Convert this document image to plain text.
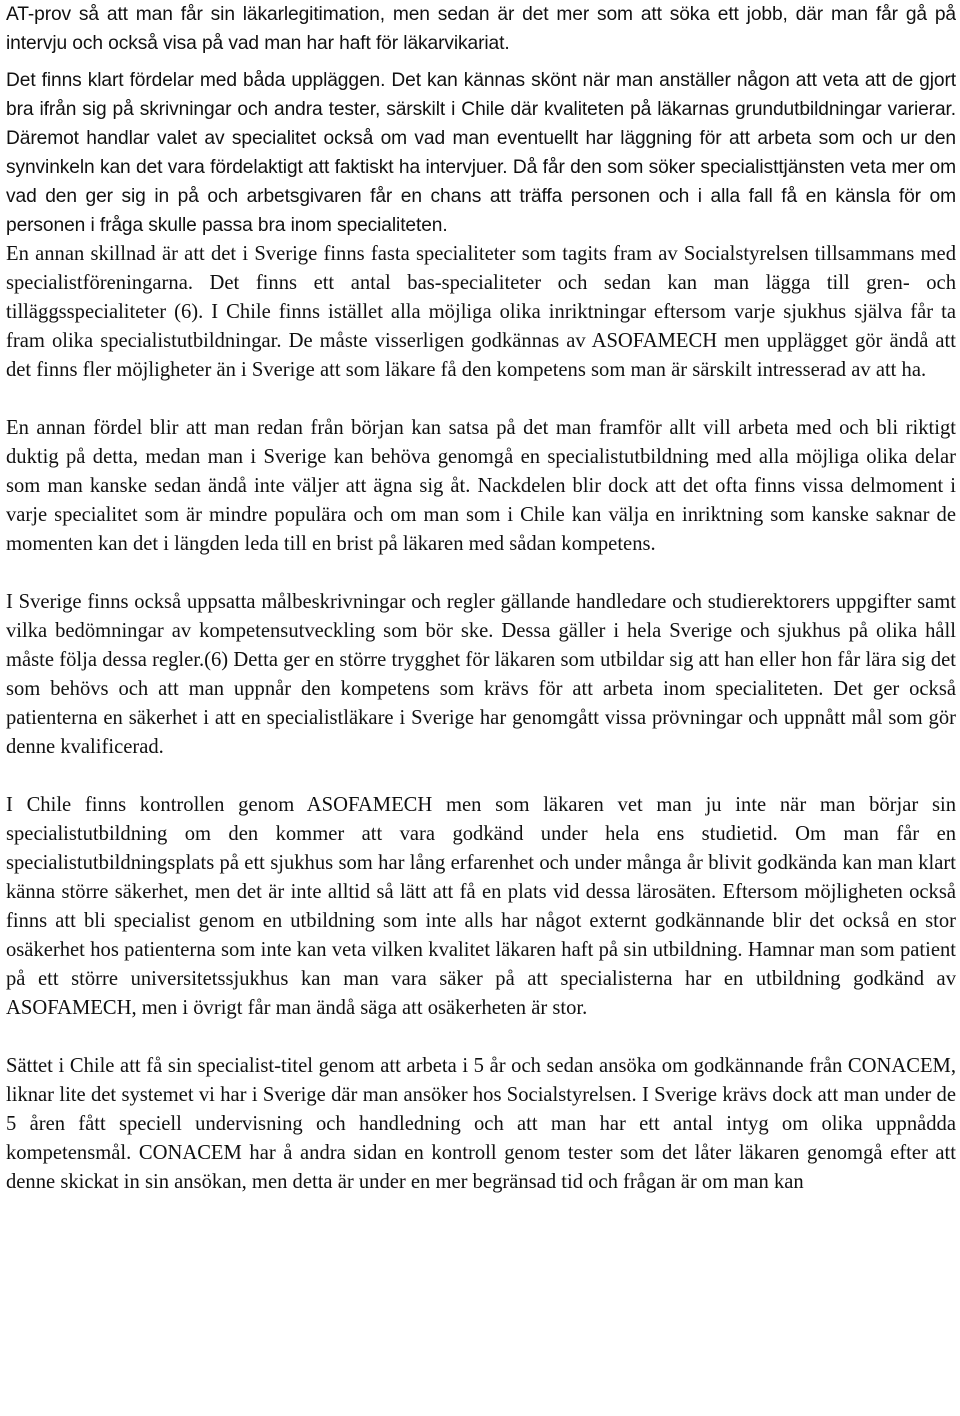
AT-prov så att man får sin läkarlegitimation, men sedan är det mer som att söka ett jobb, där man får gå på intervju och också visa på vad man har haft för läkarvikariat.

Det finns klart fördelar med båda uppläggen. Det kan kännas skönt när man anställer någon att veta att de gjort bra ifrån sig på skrivningar och andra tester, särskilt i Chile där kvaliteten på läkarnas grundutbildningar varierar. Däremot handlar valet av specialitet också om vad man eventuellt har läggning för att arbeta som och ur den synvinkeln kan det vara fördelaktigt att faktiskt ha intervjuer. Då får den som söker specialisttjänsten veta mer om vad den ger sig in på och arbetsgivaren får en chans att träffa personen och i alla fall få en känsla för om personen i fråga skulle passa bra inom specialiteten.

En annan skillnad är att det i Sverige finns fasta specialiteter som tagits fram av Socialstyrelsen tillsammans med specialistföreningarna. Det finns ett antal bas-specialiteter och sedan kan man lägga till gren- och tilläggsspecialiteter (6). I Chile finns istället alla möjliga olika inriktningar eftersom varje sjukhus själva får ta fram olika specialistutbildningar. De måste visserligen godkännas av ASOFAMECH men upplägget gör ändå att det finns fler möjligheter än i Sverige att som läkare få den kompetens som man är särskilt intresserad av att ha.

En annan fördel blir att man redan från början kan satsa på det man framför allt vill arbeta med och bli riktigt duktig på detta, medan man i Sverige kan behöva genomgå en specialistutbildning med alla möjliga olika delar som man kanske sedan ändå inte väljer att ägna sig åt. Nackdelen blir dock att det ofta finns vissa delmoment i varje specialitet som är mindre populära och om man som i Chile kan välja en inriktning som kanske saknar de momenten kan det i längden leda till en brist på läkaren med sådan kompetens.

I Sverige finns också uppsatta målbeskrivningar och regler gällande handledare och studierektorers uppgifter samt vilka bedömningar av kompetensutveckling som bör ske. Dessa gäller i hela Sverige och sjukhus på olika håll måste följa dessa regler.(6) Detta ger en större trygghet för läkaren som utbildar sig att han eller hon får lära sig det som behövs och att man uppnår den kompetens som krävs för att arbeta inom specialiteten. Det ger också patienterna en säkerhet i att en specialistläkare i Sverige har genomgått vissa prövningar och uppnått mål som gör denne kvalificerad.

I Chile finns kontrollen genom ASOFAMECH men som läkaren vet man ju inte när man börjar sin specialistutbildning om den kommer att vara godkänd under hela ens studietid. Om man får en specialistutbildningsplats på ett sjukhus som har lång erfarenhet och under många år blivit godkända kan man klart känna större säkerhet, men det är inte alltid så lätt att få en plats vid dessa lärosäten. Eftersom möjligheten också finns att bli specialist genom en utbildning som inte alls har något externt godkännande blir det också en stor osäkerhet hos patienterna som inte kan veta vilken kvalitet läkaren haft på sin utbildning. Hamnar man som patient på ett större universitetssjukhus kan man vara säker på att specialisterna har en utbildning godkänd av ASOFAMECH, men i övrigt får man ändå säga att osäkerheten är stor.

Sättet i Chile att få sin specialist-titel genom att arbeta i 5 år och sedan ansöka om godkännande från CONACEM, liknar lite det systemet vi har i Sverige där man ansöker hos Socialstyrelsen. I Sverige krävs dock att man under de 5 åren fått speciell undervisning och handledning och att man har ett antal intyg om olika uppnådda kompetensmål. CONACEM har å andra sidan en kontroll genom tester som det låter läkaren genomgå efter att denne skickat in sin ansökan, men detta är under en mer begränsad tid och frågan är om man kan
